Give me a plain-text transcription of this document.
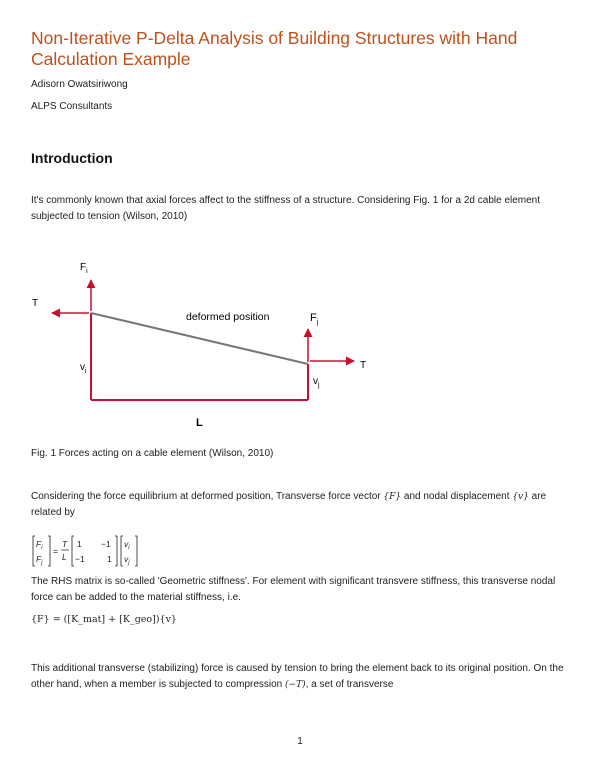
Non-Iterative P-Delta Analysis of Building Structures with Hand Calculation Example

Adisorn Owatsiriwong

ALPS Consultants

Introduction

It's commonly known that axial forces affect to the stiffness of a structure. Considering Fig. 1 for a 2d cable element subjected to tension (Wilson, 2010)

$F_i$
T
deformed position	$F_j$
T
$v_i$
$v_j$
L

Fig. 1 Forces acting on a cable element (Wilson, 2010)

Considering the force equilibrium at deformed position, Transverse force vector {F} and nodal displacement {v} are related by

$F_i$
$F_j$
=
T
L
1 −1
−1	1
$v_i$
$v_j$

The RHS matrix is so-called 'Geometric stiffness'. For element with significant transvere stiffness, this transverse nodal force can be added to the material stiffness, i.e.

{F} = ([K_mat] + [K_geo]){v}

This additional transverse (stabilizing) force is caused by tension to bring the element back to its original position. On the other hand, when a member is subjected to compression (−T), a set of transverse

1
